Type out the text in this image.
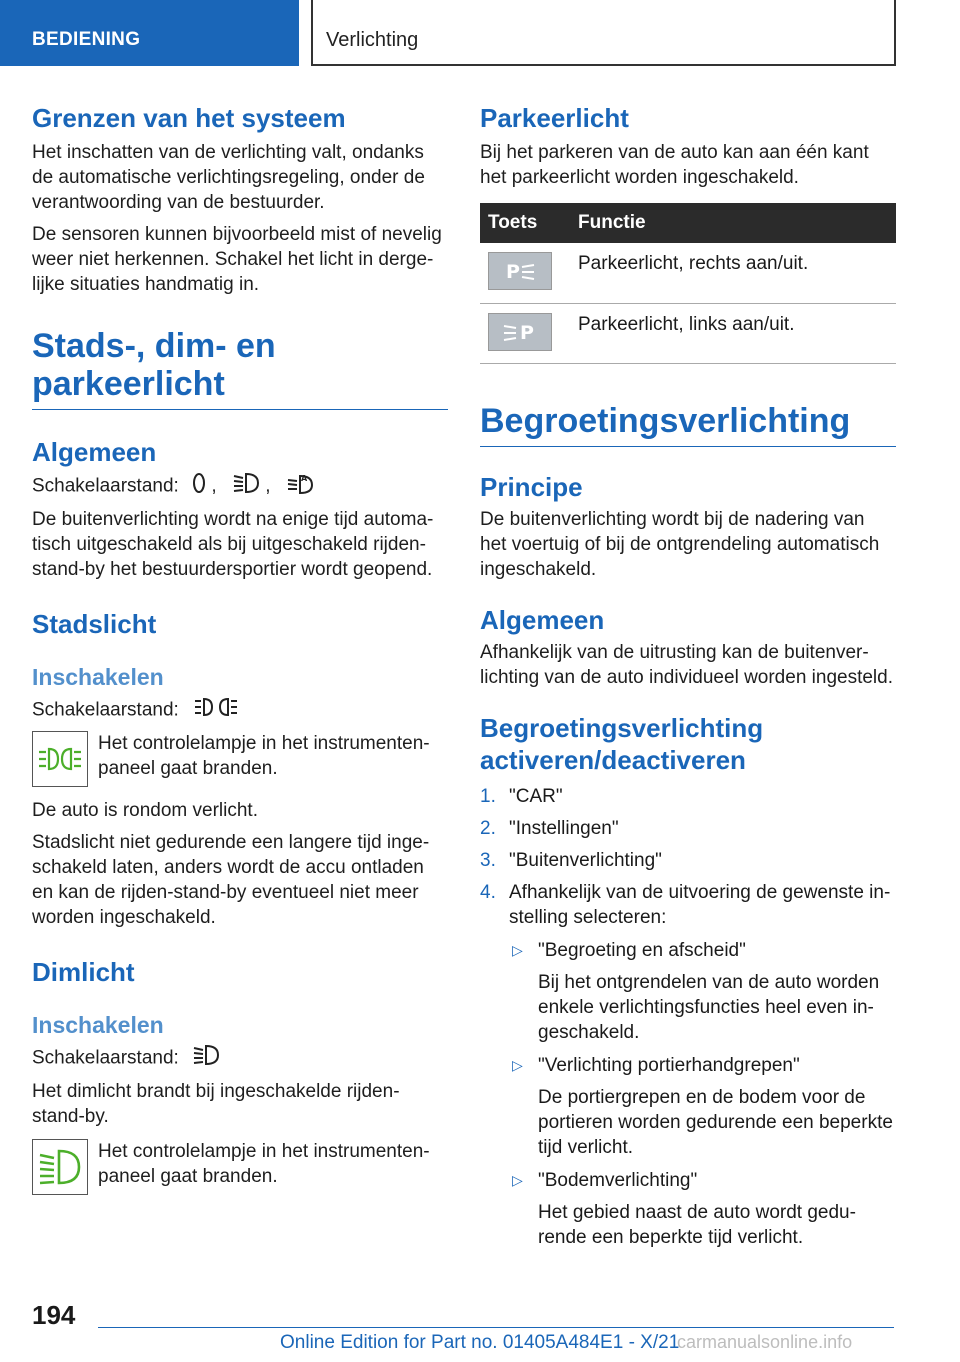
BEDIENING	Verlichting
Grenzen van het systeem

Het inschatten van de verlichting valt, ondanks de automatische verlichtingsregeling, onder de verantwoording van de bestuurder.

De sensoren kunnen bijvoorbeeld mist of nevelig weer niet herkennen. Schakel het licht in dergelijke situaties handmatig in.

Stads-, dim- en
parkeerlicht
Algemeen

Schakelaarstand: ,	,	A

De buitenverlichting wordt na enige tijd automatisch uitgeschakeld als bij uitgeschakeld rijden-stand-by het bestuurdersportier wordt geopend.

Stadslicht
Inschakelen

Schakelaarstand:

Het controlelampje in het instrumentenpaneel gaat branden.

De auto is rondom verlicht.

Stadslicht niet gedurende een langere tijd ingeschakeld laten, anders wordt de accu ontladen en kan de rijden-stand-by eventueel niet meer worden ingeschakeld.

Dimlicht
Inschakelen

Schakelaarstand:

Het dimlicht brandt bij ingeschakelde rijden-stand-by.

Het controlelampje in het instrumentenpaneel gaat branden.

Parkeerlicht

Bij het parkeren van de auto kan aan één kant het parkeerlicht worden ingeschakeld.

Toets	Functie

P	Parkeerlicht, rechts aan/uit.

P	Parkeerlicht, links aan/uit.
Begroetingsverlichting
Principe

De buitenverlichting wordt bij de nadering van het voertuig of bij de ontgrendeling automatisch ingeschakeld.

Algemeen

Afhankelijk van de uitrusting kan de buitenverlichting van de auto individueel worden ingesteld.

Begroetingsverlichting
activeren/deactiveren
1. "CAR"
2. "Instellingen"
3. "Buitenverlichting"
4. Afhankelijk van de uitvoering de gewenste instelling selecteren:
▷ "Begroeting en afscheid"
Bij het ontgrendelen van de auto worden enkele verlichtingsfuncties heel even ingeschakeld.
▷ "Verlichting portierhandgrepen"
De portiergrepen en de bodem voor de portieren worden gedurende een beperkte tijd verlicht.
▷ "Bodemverlichting"
Het gebied naast de auto wordt gedurende een beperkte tijd verlicht.
194
Online Edition for Part no. 01405A484E1 - X/21
carmanualsonline.info
